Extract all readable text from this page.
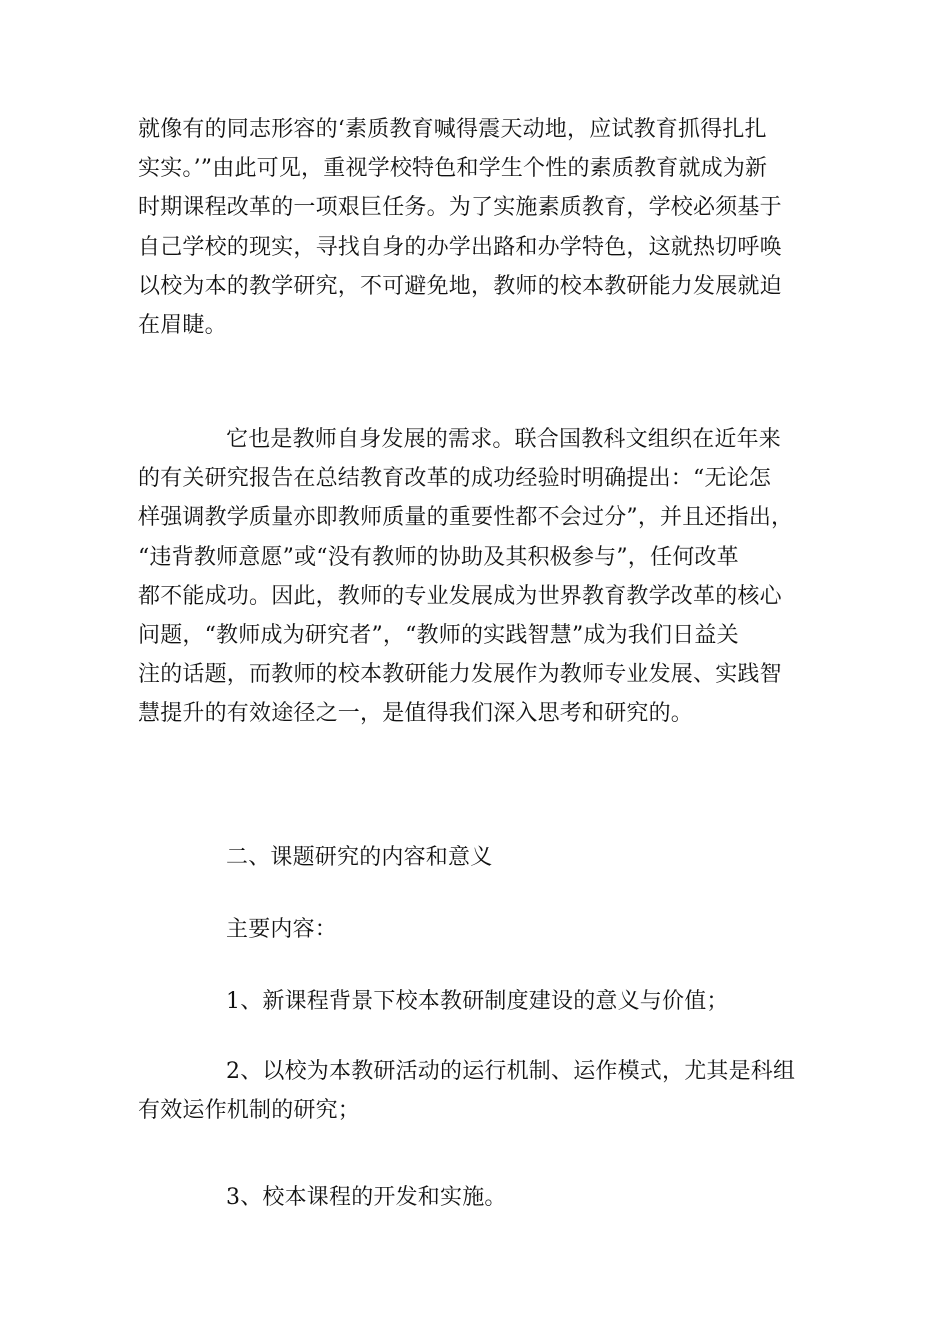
就像有的同志形容的‘素质教育喊得震天动地，应试教育抓得扎扎
实实。’”由此可见，重视学校特色和学生个性的素质教育就成为新
时期课程改革的一项艰巨任务。为了实施素质教育，学校必须基于
自己学校的现实，寻找自身的办学出路和办学特色，这就热切呼唤
以校为本的教学研究，不可避免地，教师的校本教研能力发展就迫
在眉睫。

它也是教师自身发展的需求。联合国教科文组织在近年来
的有关研究报告在总结教育改革的成功经验时明确提出：“无论怎
样强调教学质量亦即教师质量的重要性都不会过分”，并且还指出，
“违背教师意愿”或“没有教师的协助及其积极参与”，任何改革
都不能成功。因此，教师的专业发展成为世界教育教学改革的核心
问题，“教师成为研究者”，“教师的实践智慧”成为我们日益关
注的话题，而教师的校本教研能力发展作为教师专业发展、实践智
慧提升的有效途径之一，是值得我们深入思考和研究的。

二、课题研究的内容和意义

主要内容：

1、新课程背景下校本教研制度建设的意义与价值；

2、以校为本教研活动的运行机制、运作模式，尤其是科组
有效运作机制的研究；

3、校本课程的开发和实施。
